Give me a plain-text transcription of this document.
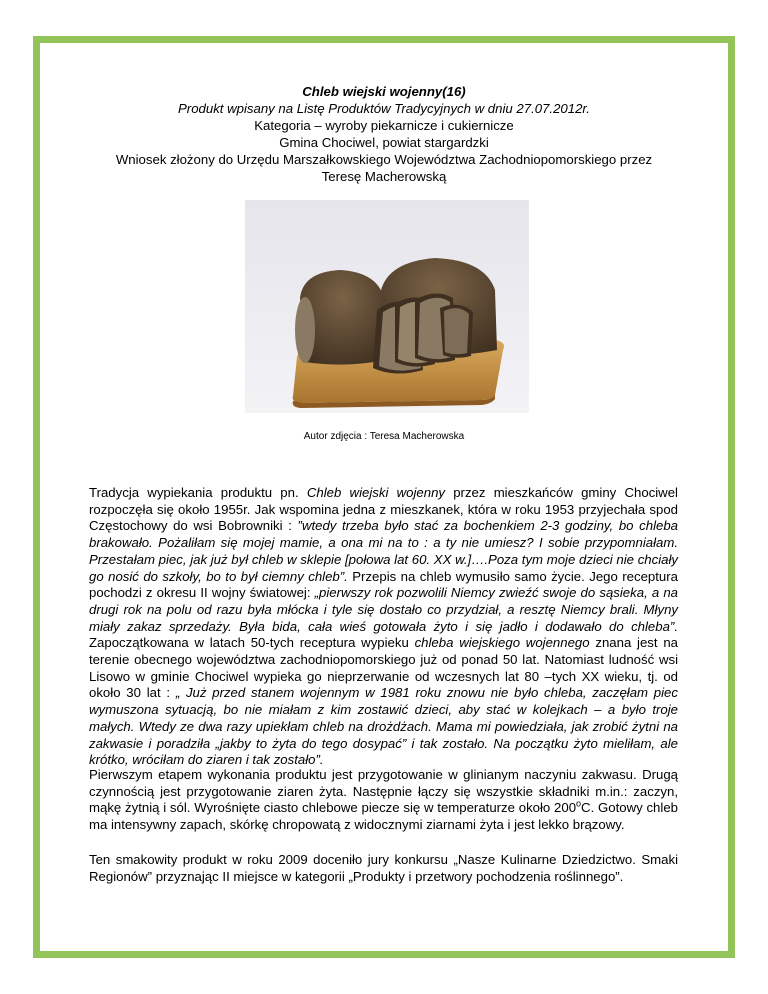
Chleb wiejski wojenny(16)
Produkt wpisany na Listę Produktów Tradycyjnych w dniu 27.07.2012r.
Kategoria – wyroby piekarnicze i cukiernicze
Gmina Chociwel, powiat stargardzki
Wniosek złożony do Urzędu Marszałkowskiego Województwa Zachodniopomorskiego przez
Teresę Macherowską
Autor zdjęcia : Teresa Macherowska

Tradycja wypiekania produktu pn. Chleb wiejski wojenny przez mieszkańców gminy Chociwel rozpoczęła się około 1955r. Jak wspomina jedna z mieszkanek, która w roku 1953 przyjechała spod Częstochowy do wsi Bobrowniki : ”wtedy trzeba było stać za bochenkiem 2-3 godziny, bo chleba brakowało. Pożaliłam się mojej mamie, a ona mi na to : a ty nie umiesz? I sobie przypomniałam. Przestałam piec, jak już był chleb w sklepie [połowa lat 60. XX w.]….Poza tym moje dzieci nie chciały go nosić do szkoły, bo to był ciemny chleb”. Przepis na chleb wymusiło samo życie. Jego receptura pochodzi z okresu II wojny światowej: „pierwszy rok pozwolili Niemcy zwieźć swoje do sąsieka, a na drugi rok na polu od razu była młócka i tyle się dostało co przydział, a resztę Niemcy brali. Młyny miały zakaz sprzedaży. Była bida, cała wieś gotowała żyto i się jadło i dodawało do chleba”. Zapoczątkowana w latach 50-tych receptura wypieku chleba wiejskiego wojennego znana jest na terenie obecnego województwa zachodniopomorskiego już od ponad 50 lat. Natomiast ludność wsi Lisowo w gminie Chociwel wypieka go nieprzerwanie od wczesnych lat 80 –tych XX wieku, tj. od około 30 lat : „ Już przed stanem wojennym w 1981 roku znowu nie było chleba, zaczęłam piec wymuszona sytuacją, bo nie miałam z kim zostawić dzieci, aby stać w kolejkach – a było troje małych. Wtedy ze dwa razy upiekłam chleb na drożdżach. Mama mi powiedziała, jak zrobić żytni na zakwasie i poradziła „jakby to żyta do tego dosypać” i tak zostało. Na początku żyto mieliłam, ale krótko, wróciłam do ziaren i tak zostało”.

Pierwszym etapem wykonania produktu jest przygotowanie w glinianym naczyniu zakwasu. Drugą czynnością jest przygotowanie ziaren żyta. Następnie łączy się wszystkie składniki m.in.: zaczyn, mąkę żytnią i sól. Wyrośnięte ciasto chlebowe piecze się w temperaturze około 200$^o$C. Gotowy chleb ma intensywny zapach, skórkę chropowatą z widocznymi ziarnami żyta i jest lekko brązowy.

Ten smakowity produkt w roku 2009 doceniło jury konkursu „Nasze Kulinarne Dziedzictwo. Smaki Regionów” przyznając II miejsce w kategorii „Produkty i przetwory pochodzenia roślinnego”.
